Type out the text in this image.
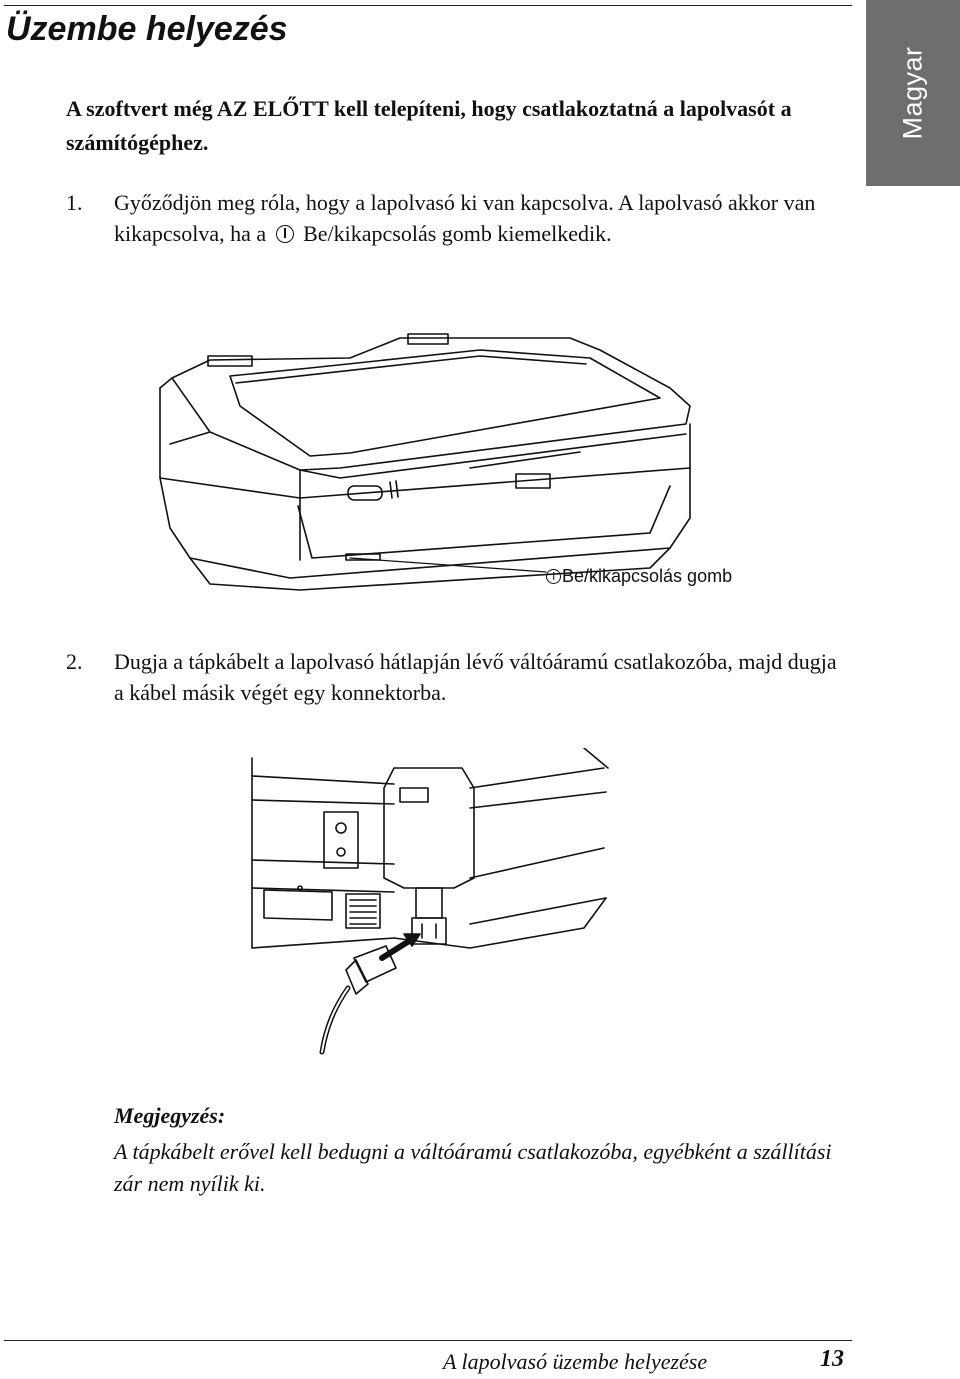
Üzembe helyezés
Magyar
A szoftvert még AZ ELŐTT kell telepíteni, hogy csatlakoztatná a lapolvasót a számítógéphez.
1. Győződjön meg róla, hogy a lapolvasó ki van kapcsolva. A lapolvasó akkor van kikapcsolva, ha a  Be/kikapcsolás gomb kiemelkedik.
Be/kikapcsolás gomb
2. Dugja a tápkábelt a lapolvasó hátlapján lévő váltóáramú csatlakozóba, majd dugja a kábel másik végét egy konnektorba.
Megjegyzés:
A tápkábelt erővel kell bedugni a váltóáramú csatlakozóba, egyébként a szállítási zár nem nyílik ki.
A lapolvasó üzembe helyezése	13
